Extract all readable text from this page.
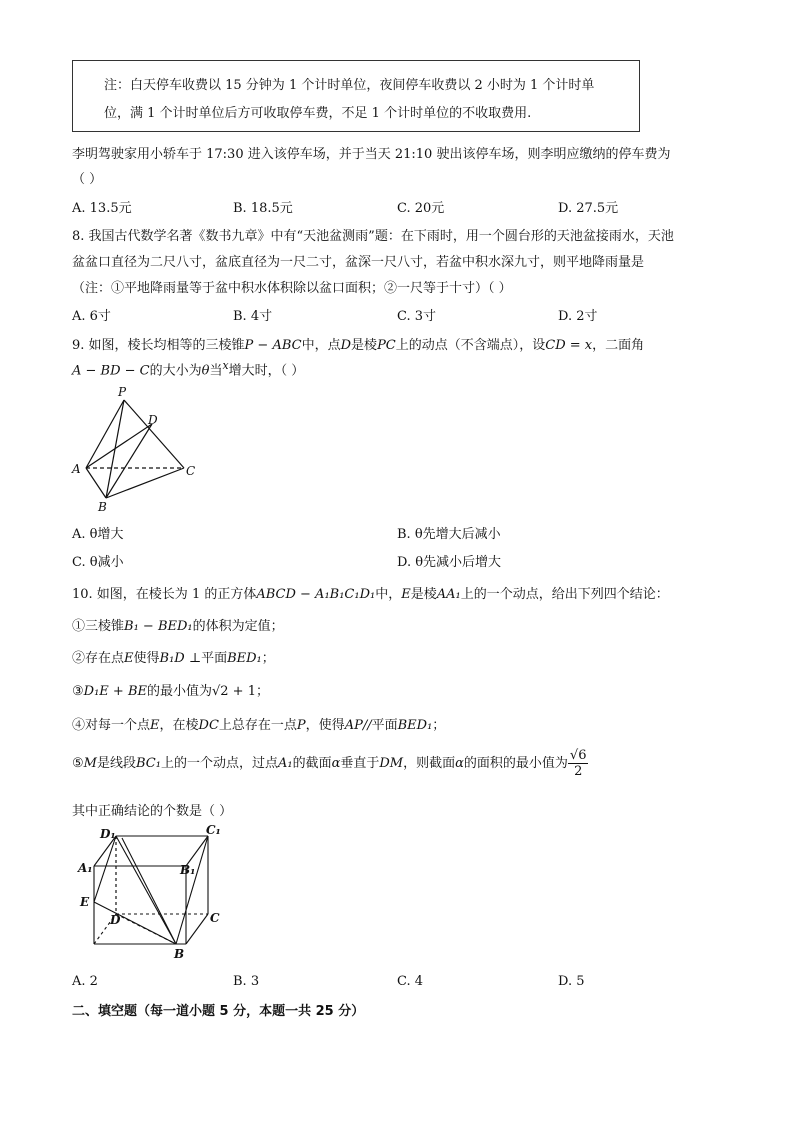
注：白天停车收费以 15 分钟为 1 个计时单位，夜间停车收费以 2 小时为 1 个计时单
位，满 1 个计时单位后方可收取停车费，不足 1 个计时单位的不收取费用.
李明驾驶家用小轿车于 17:30 进入该停车场，并于当天 21:10 驶出该停车场，则李明应缴纳的停车费为
（ ）
A. 13.5元	B. 18.5元	C. 20元	D. 27.5元
8. 我国古代数学名著《数书九章》中有“天池盆测雨”题：在下雨时，用一个圆台形的天池盆接雨水，天池
盆盆口直径为二尺八寸，盆底直径为一尺二寸，盆深一尺八寸，若盆中积水深九寸，则平地降雨量是
（注：①平地降雨量等于盆中积水体积除以盆口面积；②一尺等于十寸）（ ）
A. 6寸	B. 4寸	C. 3寸	D. 2寸
9. 如图，棱长均相等的三棱锥P − ABC中，点D是棱PC上的动点（不含端点），设CD = x，二面角
A − BD − C的大小为θ当$^x$增大时，（ ）
P
D
A	C
B
A. θ增大	B. θ先增大后减小
C. θ减小	D. θ先减小后增大
10. 如图，在棱长为 1 的正方体ABCD − A₁B₁C₁D₁中，E是棱AA₁上的一个动点，给出下列四个结论：
①三棱锥B₁ − BED₁的体积为定值；
②存在点E使得B₁D ⊥平面BED₁；
③D₁E + BE的最小值为√2 + 1；
④对每一个点E，在棱DC上总存在一点P，使得AP//平面BED₁；
⑤M是线段BC₁上的一个动点，过点A₁的截面α垂直于DM，则截面α的面积的最小值为 $\frac{√6}{2}$
其中正确结论的个数是（ ）
D₁	C₁
A₁	B₁
E
D	C
B
A. 2	B. 3	C. 4	D. 5
二、填空题（每一道小题 5 分，本题一共 25 分）
